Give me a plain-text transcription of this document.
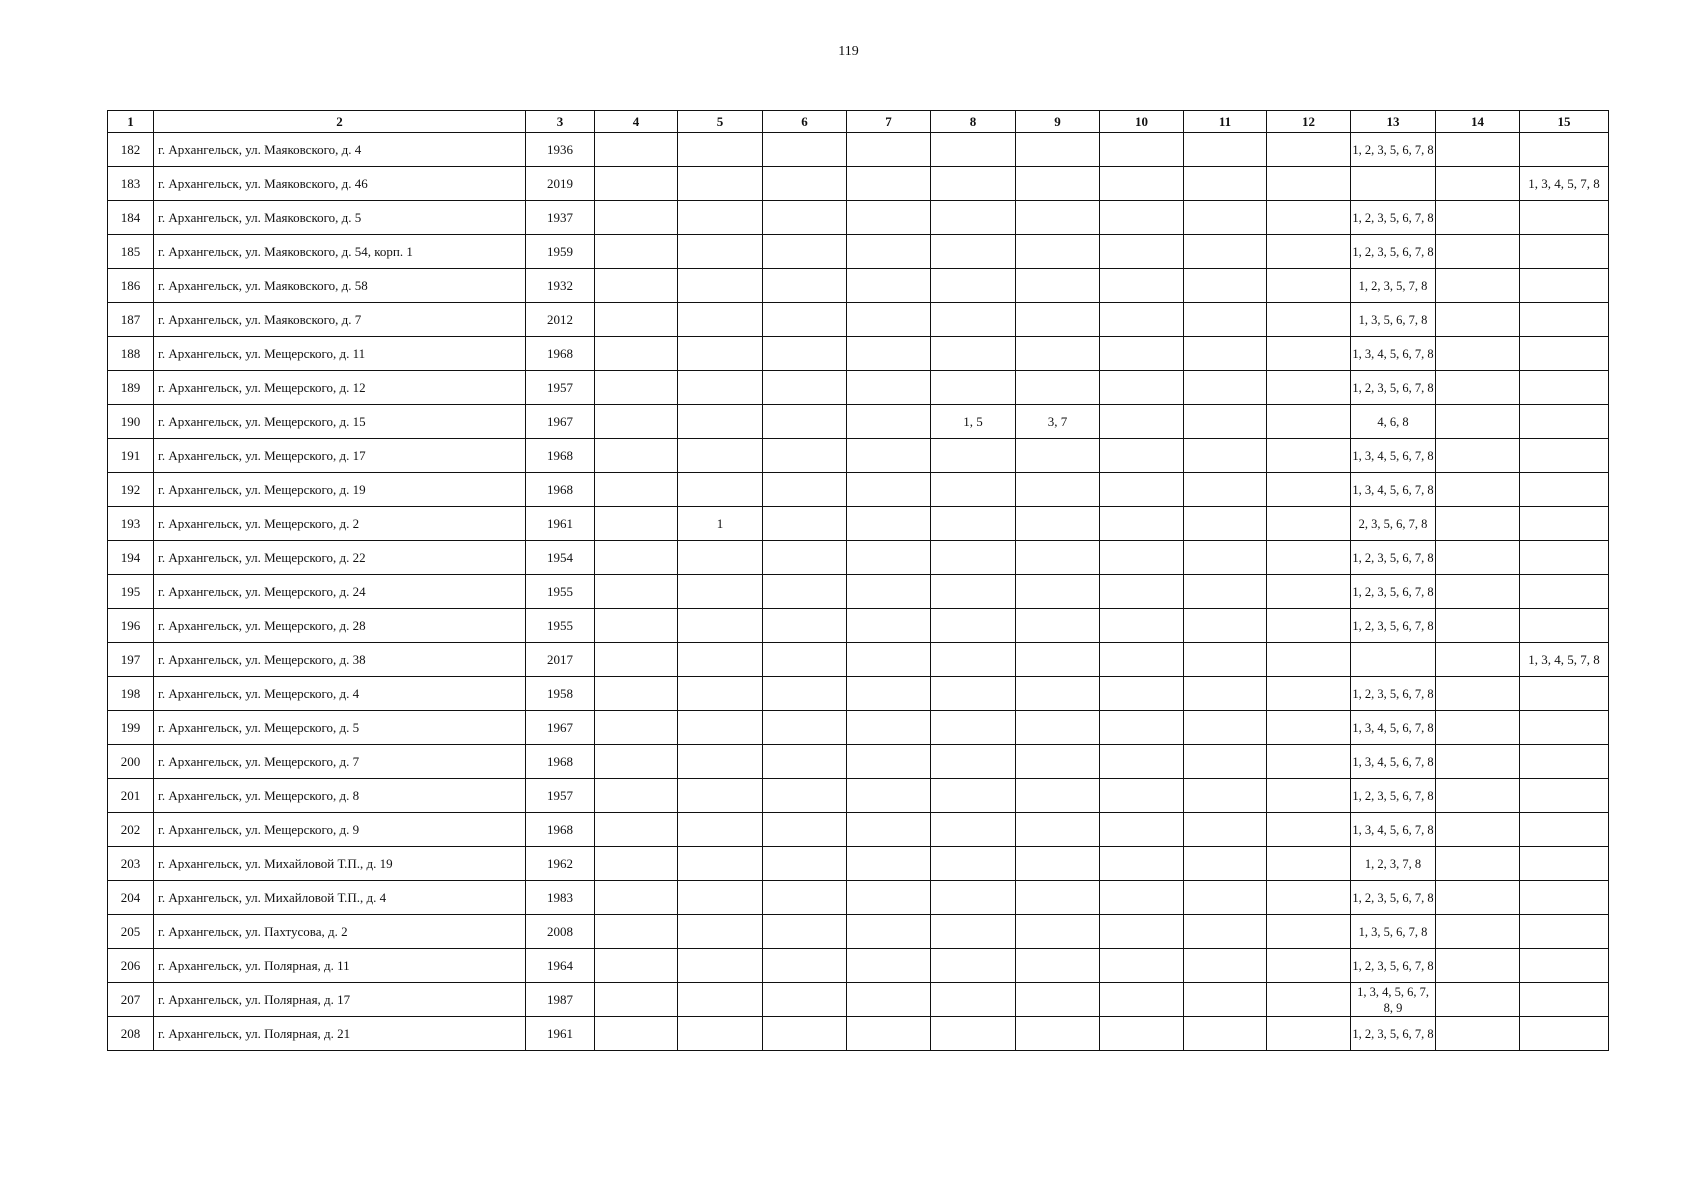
119
1	2	3	4	5	6	7	8	9	10	11	12	13	14	15
182	г. Архангельск, ул. Маяковского, д. 4	1936										1, 2, 3, 5, 6, 7, 8		
183	г. Архангельск, ул. Маяковского, д. 46	2019												1, 3, 4, 5, 7, 8
184	г. Архангельск, ул. Маяковского, д. 5	1937										1, 2, 3, 5, 6, 7, 8		
185	г. Архангельск, ул. Маяковского, д. 54, корп. 1	1959										1, 2, 3, 5, 6, 7, 8		
186	г. Архангельск, ул. Маяковского, д. 58	1932										1, 2, 3, 5, 7, 8		
187	г. Архангельск, ул. Маяковского, д. 7	2012										1, 3, 5, 6, 7, 8		
188	г. Архангельск, ул. Мещерского, д. 11	1968										1, 3, 4, 5, 6, 7, 8		
189	г. Архангельск, ул. Мещерского, д. 12	1957										1, 2, 3, 5, 6, 7, 8		
190	г. Архангельск, ул. Мещерского, д. 15	1967					1, 5	3, 7				4, 6, 8		
191	г. Архангельск, ул. Мещерского, д. 17	1968										1, 3, 4, 5, 6, 7, 8		
192	г. Архангельск, ул. Мещерского, д. 19	1968										1, 3, 4, 5, 6, 7, 8		
193	г. Архангельск, ул. Мещерского, д. 2	1961		1								2, 3, 5, 6, 7, 8		
194	г. Архангельск, ул. Мещерского, д. 22	1954										1, 2, 3, 5, 6, 7, 8		
195	г. Архангельск, ул. Мещерского, д. 24	1955										1, 2, 3, 5, 6, 7, 8		
196	г. Архангельск, ул. Мещерского, д. 28	1955										1, 2, 3, 5, 6, 7, 8		
197	г. Архангельск, ул. Мещерского, д. 38	2017												1, 3, 4, 5, 7, 8
198	г. Архангельск, ул. Мещерского, д. 4	1958										1, 2, 3, 5, 6, 7, 8		
199	г. Архангельск, ул. Мещерского, д. 5	1967										1, 3, 4, 5, 6, 7, 8		
200	г. Архангельск, ул. Мещерского, д. 7	1968										1, 3, 4, 5, 6, 7, 8		
201	г. Архангельск, ул. Мещерского, д. 8	1957										1, 2, 3, 5, 6, 7, 8		
202	г. Архангельск, ул. Мещерского, д. 9	1968										1, 3, 4, 5, 6, 7, 8		
203	г. Архангельск, ул. Михайловой Т.П., д. 19	1962										1, 2, 3, 7, 8		
204	г. Архангельск, ул. Михайловой Т.П., д. 4	1983										1, 2, 3, 5, 6, 7, 8		
205	г. Архангельск, ул. Пахтусова, д. 2	2008										1, 3, 5, 6, 7, 8		
206	г. Архангельск, ул. Полярная, д. 11	1964										1, 2, 3, 5, 6, 7, 8		
207	г. Архангельск, ул. Полярная, д. 17	1987										1, 3, 4, 5, 6, 7, 8, 9		
208	г. Архангельск, ул. Полярная, д. 21	1961										1, 2, 3, 5, 6, 7, 8		
